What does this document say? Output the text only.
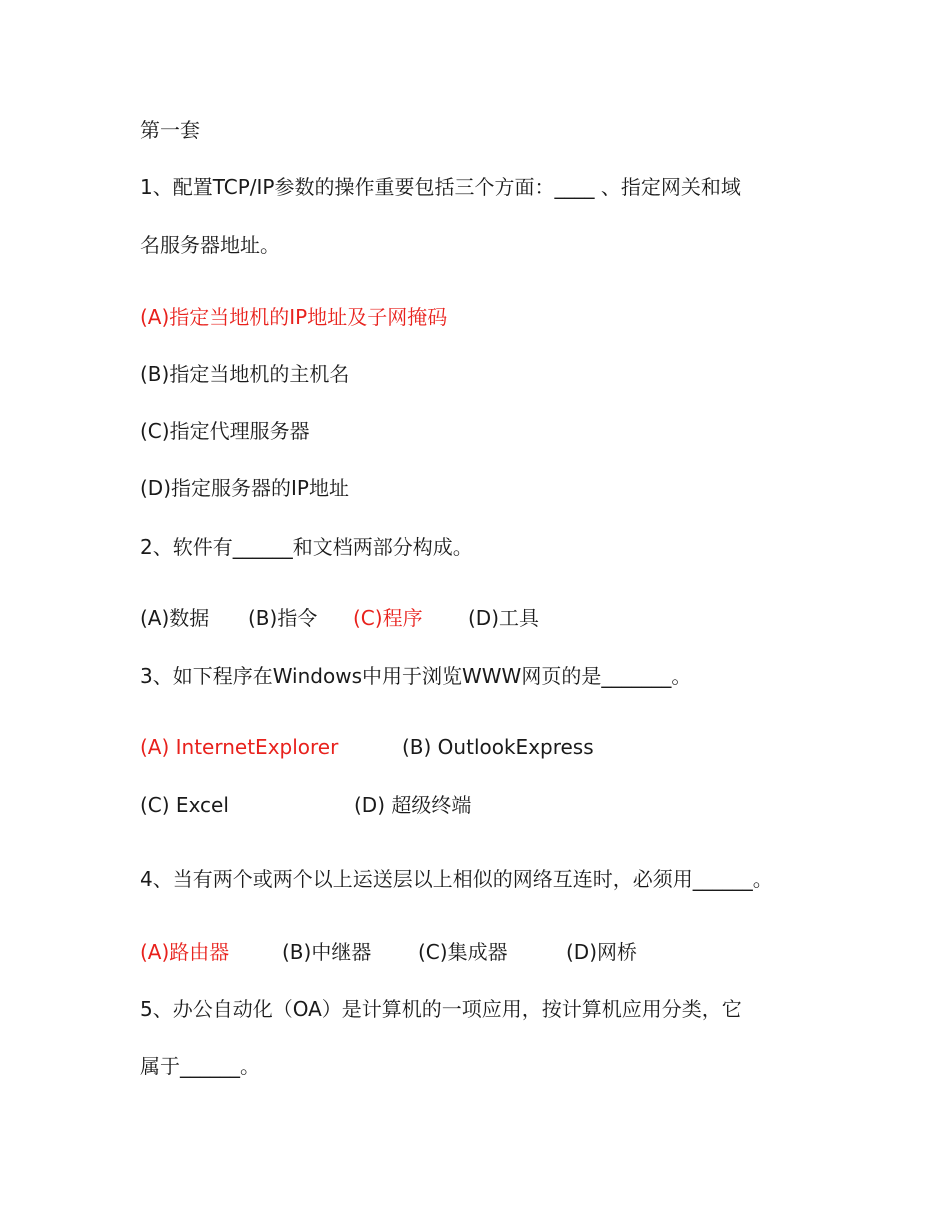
第一套
1、配置TCP/IP参数的操作重要包括三个方面：____ 、指定网关和域
名服务器地址。
(A)指定当地机的IP地址及子网掩码
(B)指定当地机的主机名
(C)指定代理服务器
(D)指定服务器的IP地址
2、软件有______和文档两部分构成。
(A)数据 (B)指令 (C)程序 (D)工具
3、如下程序在Windows中用于浏览WWW网页的是_______。
(A) InternetExplorer	(B) OutlookExpress
(C) Excel	(D) 超级终端
4、当有两个或两个以上运送层以上相似的网络互连时，必须用______。
(A)路由器	(B)中继器 (C)集成器	(D)网桥
5、办公自动化（OA）是计算机的一项应用，按计算机应用分类，它
属于______。
